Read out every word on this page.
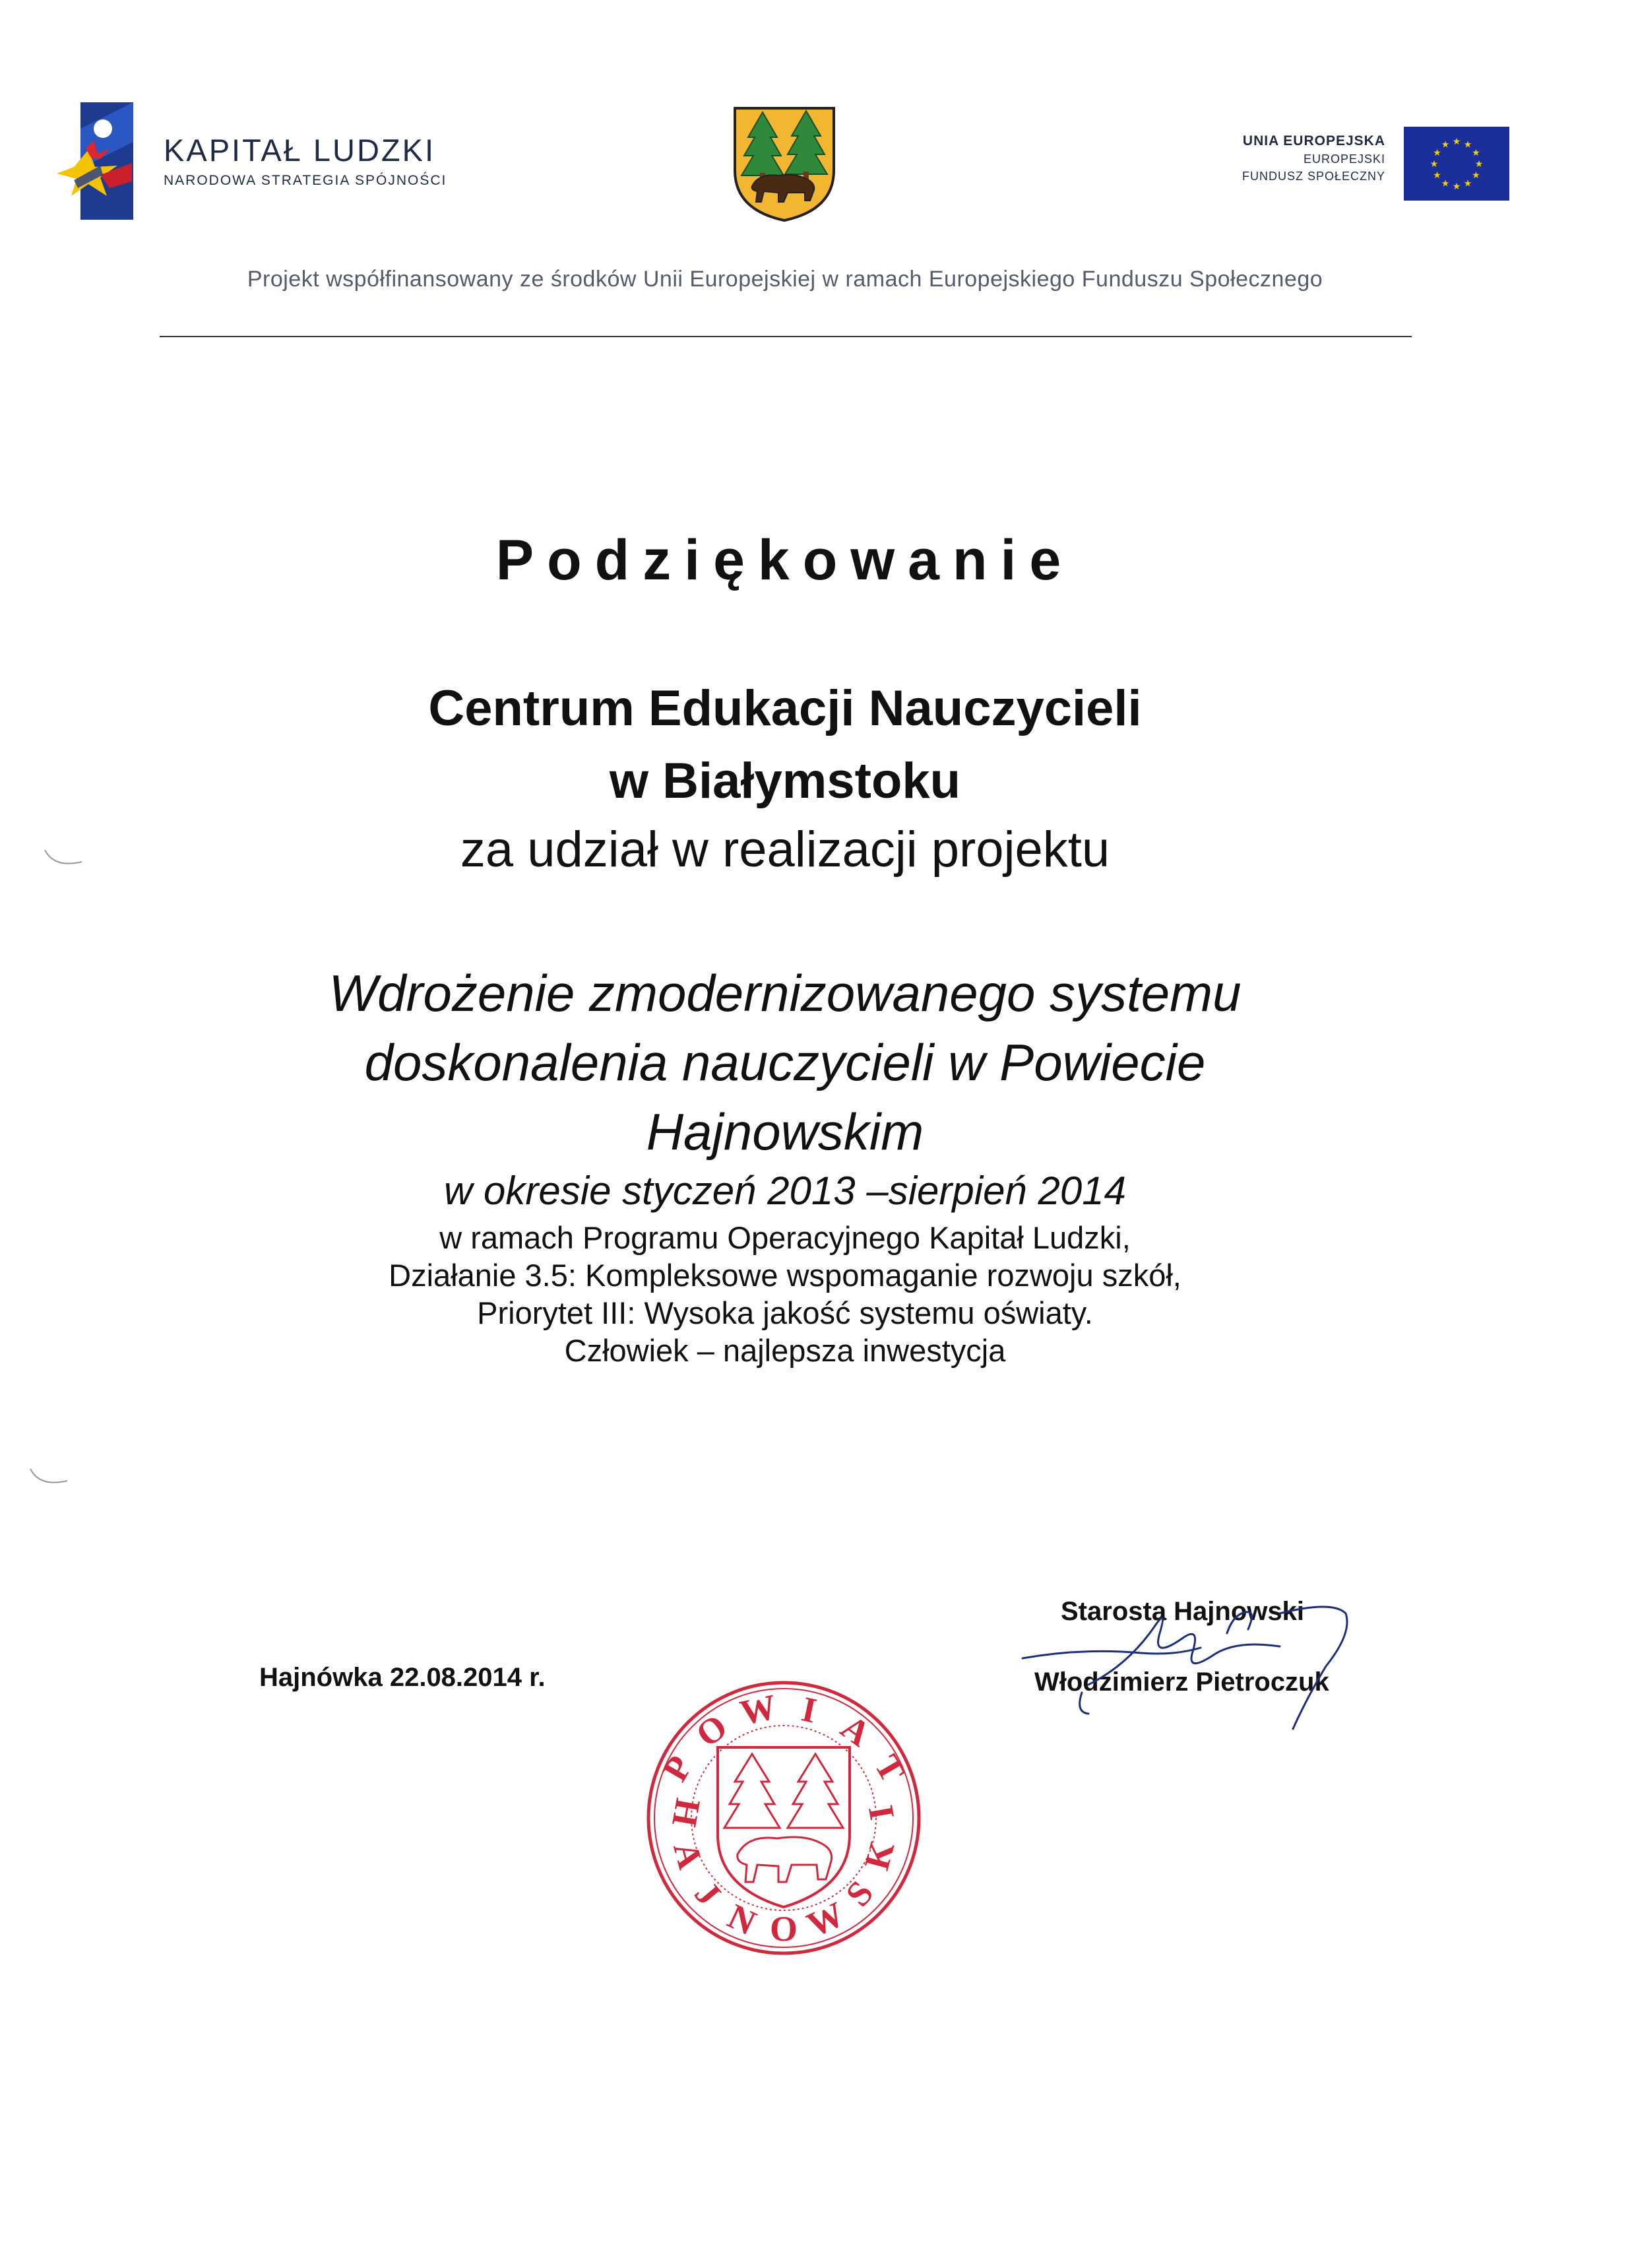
KAPITAŁ LUDZKI
NARODOWA STRATEGIA SPÓJNOŚCI
UNIA EUROPEJSKA
EUROPEJSKI
FUNDUSZ SPOŁECZNY
★
★
★
★
★
★
★
★
★ ★ ★
★
Projekt współfinansowany ze środków Unii Europejskiej w ramach Europejskiego Funduszu Społecznego
Podziękowanie
Centrum Edukacji Nauczycieli
w Białymstoku
za udział w realizacji projektu
Wdrożenie zmodernizowanego systemu
doskonalenia nauczycieli w Powiecie
Hajnowskim
w okresie styczeń 2013 –sierpień 2014
w ramach Programu Operacyjnego Kapitał Ludzki,
Działanie 3.5: Kompleksowe wspomaganie rozwoju szkół,
Priorytet III: Wysoka jakość systemu oświaty.
Człowiek – najlepsza inwestycja
Hajnówka 22.08.2014 r.
Starosta Hajnowski
Włodzimierz Pietroczuk
P
O W I A
T
H
A
J
N O W
S
K
I
